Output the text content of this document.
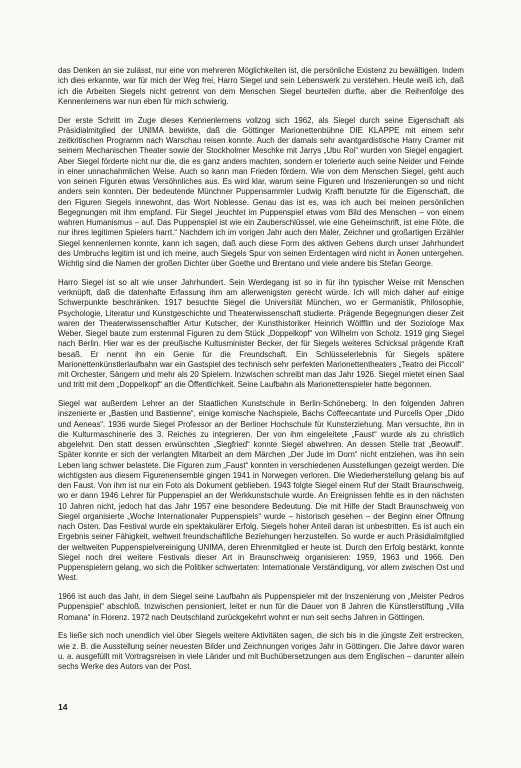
das Denken an sie zulässt, nur eine von mehreren Möglichkeiten ist, die persönliche Existenz zu bewältigen. Indem ich dies erkannte, war für mich der Weg frei, Harro Siegel und sein Lebenswerk zu verstehen. Heute weiß ich, daß ich die Arbeiten Siegels nicht getrennt von dem Menschen Siegel beurteilen durfte, aber die Reihenfolge des Kennenlernens war nun eben für mich schwierig.

Der erste Schritt im Zuge dieses Kennenlernens vollzog sich 1962, als Siegel durch seine Eigenschaft als Präsidialmitglied der UNIMA bewirkte, daß die Göttinger Marionettenbühne DIE KLAPPE mit einem sehr zeitkritischen Programm nach Warschau reisen konnte. Auch der damals sehr avantgardistische Harry Cramer mit seinem Mechanischen Theater sowie der Stockholmer Meschke mit Jarrys „Ubu Roi“ wurden von Siegel engagiert. Aber Siegel förderte nicht nur die, die es ganz anders machten, sondern er tolerierte auch seine Neider und Feinde in einer unnachahmlichen Weise. Auch so kann man Frieden fördern. Wie von dem Menschen Siegel, geht auch von seinen Figuren etwas Versöhnliches aus. Es wird klar, warum seine Figuren und Inszenierungen so und nicht anders sein konnten. Der bedeutende Münchner Puppensammler Ludwig Krafft benutzte für die Eigenschaft, die den Figuren Siegels innewohnt, das Wort Noblesse. Genau das ist es, was ich auch bei meinen persönlichen Begegnungen mit ihm empfand. Für Siegel „leuchtet im Puppenspiel etwas vom Bild des Menschen – von einem wahren Humanismus – auf. Das Puppenspiel ist wie ein Zauberschlüssel, wie eine Geheimschrift, ist eine Flöte, die nur ihres legitimen Spielers harrt.“ Nachdem ich im vorigen Jahr auch den Maler, Zeichner und großartigen Erzähler Siegel kennenlernen konnte, kann ich sagen, daß auch diese Form des aktiven Gehens durch unser Jahrhundert des Umbruchs legitim ist und ich meine, auch Siegels Spur von seinen Erdentagen wird nicht in Äonen untergehen. Wichtig sind die Namen der großen Dichter über Goethe und Brentano und viele andere bis Stefan George.

Harro Siegel ist so alt wie unser Jahrhundert. Sein Werdegang ist so in für ihn typischer Weise mit Menschen verknüpft, daß die datenhafte Erfassung ihm am allerwenigsten gerecht würde. Ich will mich daher auf einige Schwerpunkte beschränken. 1917 besuchte Siegel die Universität München, wo er Germanistik, Philosophie, Psychologie, Literatur und Kunstgeschichte und Theaterwissenschaft studierte. Prägende Begegnungen dieser Zeit waren der Theaterwissenschaftler Artur Kutscher, der Kunsthistoriker Heinrich Wölfflin und der Soziologe Max Weber. Siegel baute zum erstenmal Figuren zu dem Stück „Doppelkopf“ von Wilhelm von Scholz. 1919 ging Siegel nach Berlin. Hier war es der preußische Kultusminister Becker, der für Siegels weiteres Schicksal prägende Kraft besaß. Er nennt ihn ein Genie für die Freundschaft. Ein Schlüsselerlebnis für Siegels spätere Marionettenkünstlerlaufbahn war ein Gastspiel des technisch sehr perfekten Marionettentheaters „Teatro dei Piccoli“ mit Orchester, Sängern und mehr als 20 Spielern. Inzwischen schreibt man das Jahr 1926. Siegel mietet einen Saal und tritt mit dem „Doppelkopf“ an die Öffentlichkeit. Seine Laufbahn als Marionettenspieler hatte begonnen.

Siegel war außerdem Lehrer an der Staatlichen Kunstschule in Berlin-Schöneberg. In den folgenden Jahren inszenierte er „Bastien und Bastienne“, einige komische Nachspiele, Bachs Coffeecantate und Purcells Oper „Dido und Aeneas“. 1936 wurde Siegel Professor an der Berliner Hochschule für Kunsterziehung. Man versuchte, ihn in die Kulturmaschinerie des 3. Reiches zu integrieren. Der von ihm eingeleitete „Faust“ wurde als zu christlich abgelehnt. Den statt dessen erwünschten „Siegfried“ konnte Siegel abwehren. An dessen Stelle trat „Beowulf“. Später konnte er sich der verlangten Mitarbeit an dem Märchen „Der Jude im Dorn“ nicht entziehen, was ihn sein Leben lang schwer belastete. Die Figuren zum „Faust“ konnten in verschiedenen Ausstellungen gezeigt werden. Die wichtigsten aus diesem Figurenensemble gingen 1941 in Norwegen verloren. Die Wiederherstellung gelang bis auf den Faust. Von ihm ist nur ein Foto als Dokument geblieben. 1943 folgte Siegel einem Ruf der Stadt Braunschweig, wo er dann 1946 Lehrer für Puppenspiel an der Werkkunstschule wurde. An Ereignissen fehlte es in den nächsten 10 Jahren nicht, jedoch hat das Jahr 1957 eine besondere Bedeutung. Die mit Hilfe der Stadt Braunschweig von Siegel organisierte „Woche Internationaler Puppenspiels“ wurde – historisch gesehen – der Beginn einer Öffnung nach Osten. Das Festival wurde ein spektakulärer Erfolg. Siegels hoher Anteil daran ist unbestritten. Es ist auch ein Ergebnis seiner Fähigkeit, weltweit freundschaftliche Beziehungen herzustellen. So wurde er auch Präsidialmitglied der weltweiten Puppenspielvereinigung UNIMA, deren Ehrenmitglied er heute ist. Durch den Erfolg bestärkt, konnte Siegel noch drei weitere Festivals dieser Art in Braunschweig organisieren: 1959, 1963 und 1966. Den Puppenspielern gelang, wo sich die Politiker schwertaten: Internationale Verständigung, vor allem zwischen Ost und West.

1966 ist auch das Jahr, in dem Siegel seine Laufbahn als Puppenspieler mit der Inszenierung von „Meister Pedros Puppenspiel“ abschloß. Inzwischen pensioniert, leitet er nun für die Dauer von 8 Jahren die Künstlerstiftung „Villa Romana“ in Florenz. 1972 nach Deutschland zurückgekehrt wohnt er nun seit sechs Jahren in Göttingen.

Es ließe sich noch unendlich viel über Siegels weitere Aktivitäten sagen, die sich bis in die jüngste Zeit erstrecken, wie z. B. die Ausstellung seiner neuesten Bilder und Zeichnungen voriges Jahr in Göttingen. Die Jahre davor waren u. a. ausgefüllt mit Vortragsreisen in viele Länder und mit Buchübersetzungen aus dem Englischen – darunter allein sechs Werke des Autors van der Post.

14
